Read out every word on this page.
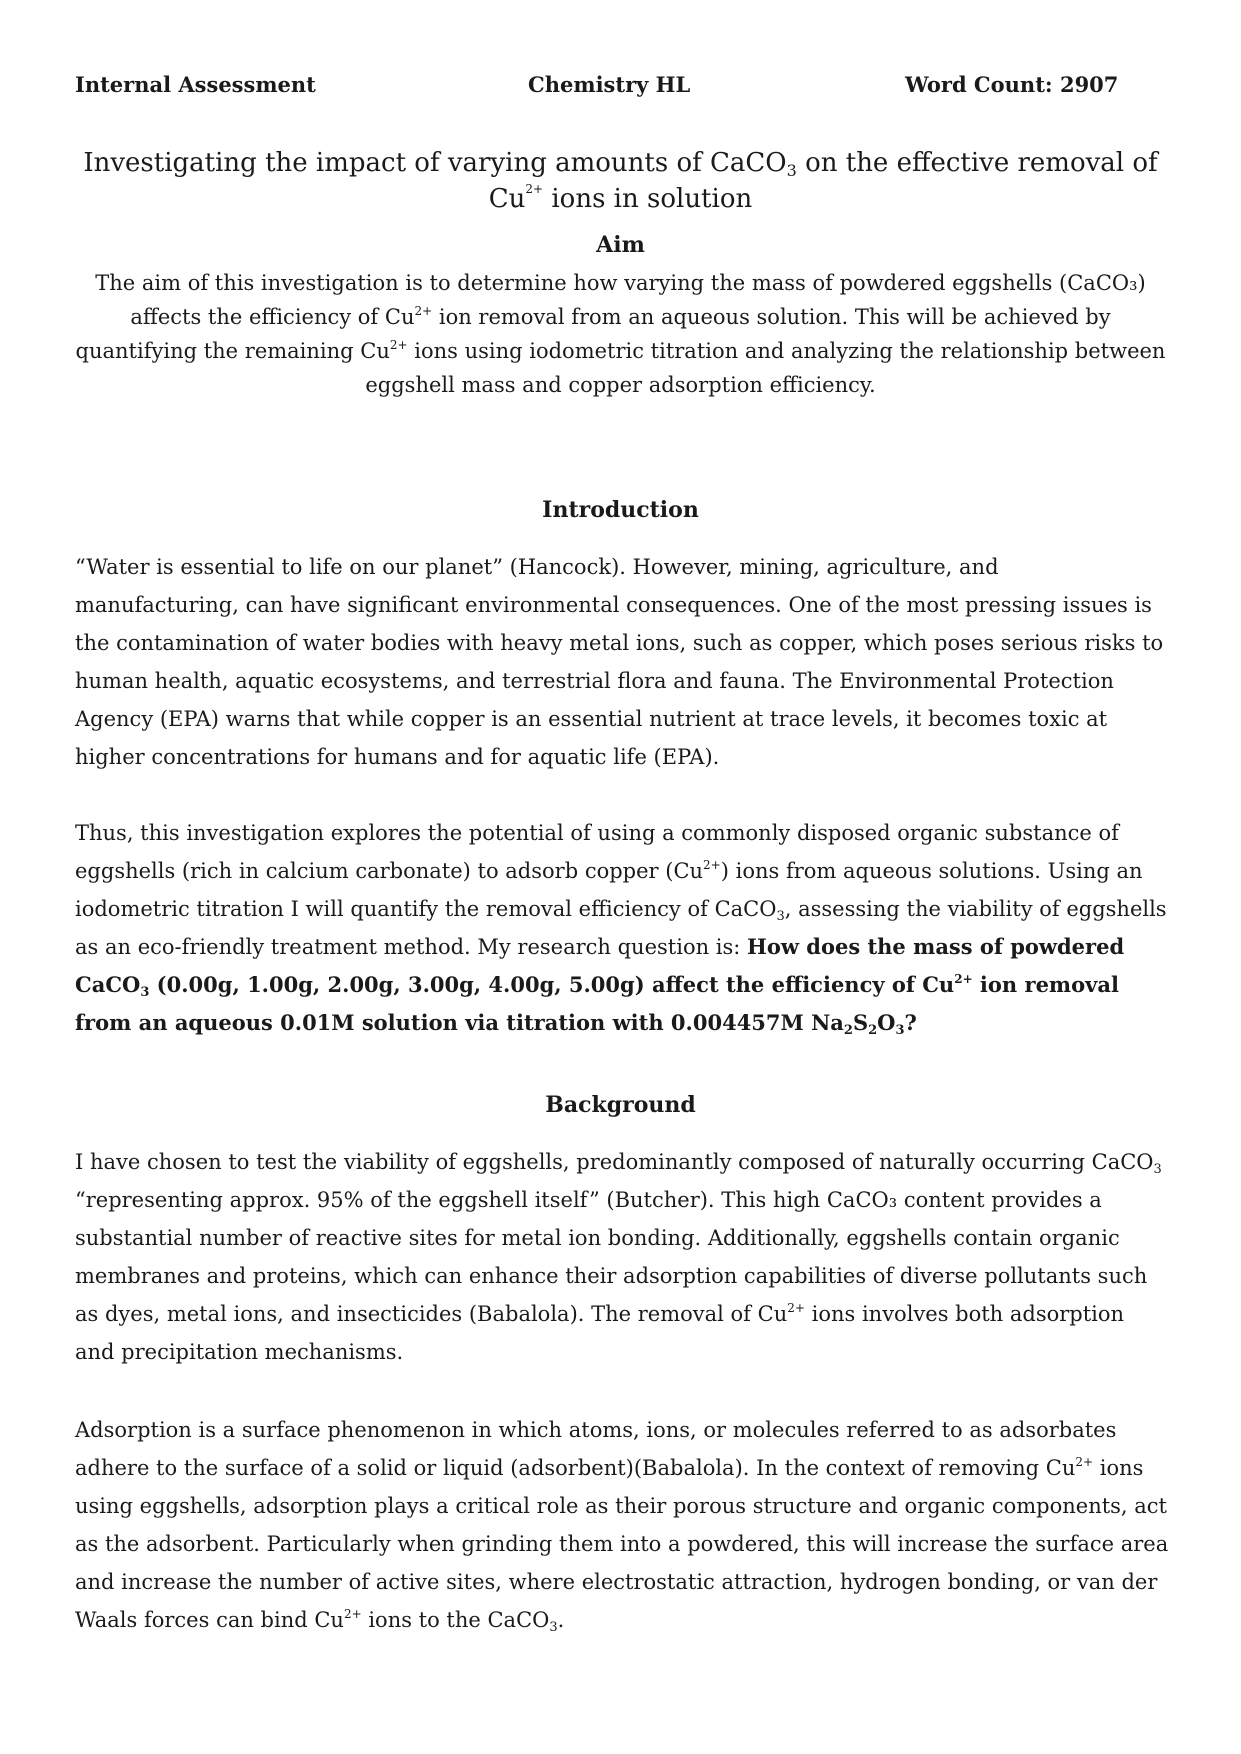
Internal Assessment	Chemistry HL	Word Count: 2907
Investigating the impact of varying amounts of CaCO$_3$ on the effective removal of $Cu^{2+}$ ions in solution
Aim
The aim of this investigation is to determine how varying the mass of powdered eggshells (CaCO₃) affects the efficiency of $Cu^{2+}$ ion removal from an aqueous solution. This will be achieved by quantifying the remaining $Cu^{2+}$ ions using iodometric titration and analyzing the relationship between eggshell mass and copper adsorption efficiency.
Introduction
“Water is essential to life on our planet” (Hancock). However, mining, agriculture, and manufacturing, can have significant environmental consequences. One of the most pressing issues is the contamination of water bodies with heavy metal ions, such as copper, which poses serious risks to human health, aquatic ecosystems, and terrestrial flora and fauna. The Environmental Protection Agency (EPA) warns that while copper is an essential nutrient at trace levels, it becomes toxic at higher concentrations for humans and for aquatic life (EPA).
Thus, this investigation explores the potential of using a commonly disposed organic substance of eggshells (rich in calcium carbonate) to adsorb copper $(Cu^{2+})$ ions from aqueous solutions. Using an iodometric titration I will quantify the removal efficiency of CaCO$_3$, assessing the viability of eggshells as an eco-friendly treatment method. My research question is: How does the mass of powdered CaCO$_3$ (0.00g, 1.00g, 2.00g, 3.00g, 4.00g, 5.00g) affect the efficiency of $Cu^{2+}$ ion removal from an aqueous 0.01M solution via titration with 0.004457M $Na_2S_2O_3$?
Background
I have chosen to test the viability of eggshells, predominantly composed of naturally occurring CaCO$_3$ “representing approx. 95% of the eggshell itself” (Butcher). This high CaCO₃ content provides a substantial number of reactive sites for metal ion bonding. Additionally, eggshells contain organic membranes and proteins, which can enhance their adsorption capabilities of diverse pollutants such as dyes, metal ions, and insecticides (Babalola). The removal of $Cu^{2+}$ ions involves both adsorption and precipitation mechanisms.
Adsorption is a surface phenomenon in which atoms, ions, or molecules referred to as adsorbates adhere to the surface of a solid or liquid (adsorbent)(Babalola). In the context of removing $Cu^{2+}$ ions using eggshells, adsorption plays a critical role as their porous structure and organic components, act as the adsorbent. Particularly when grinding them into a powdered, this will increase the surface area and increase the number of active sites, where electrostatic attraction, hydrogen bonding, or van der Waals forces can bind $Cu^{2+}$ ions to the CaCO$_3$.
